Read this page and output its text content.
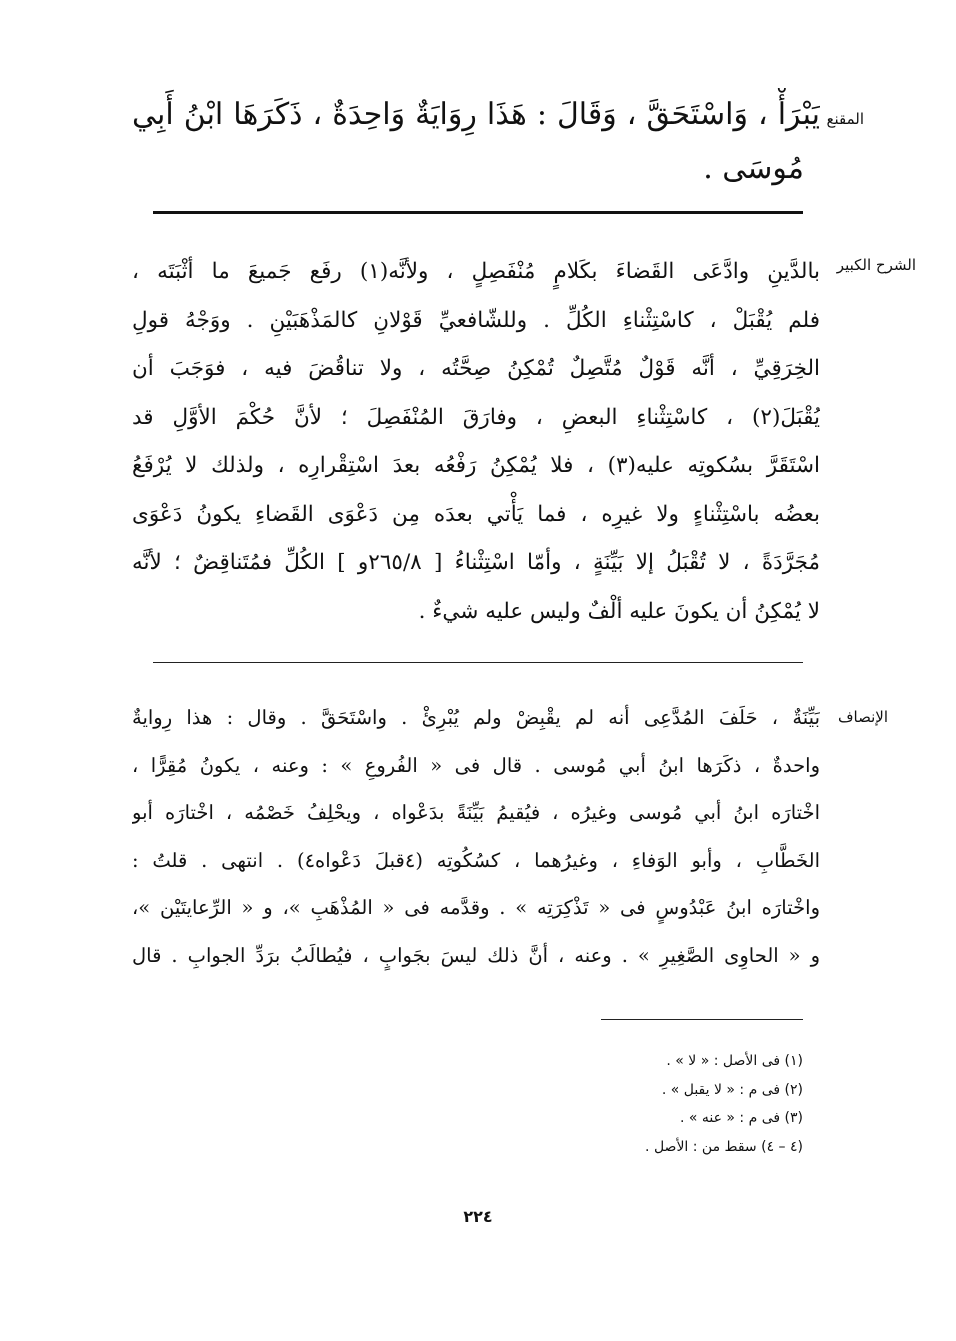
المقنع
يَبْرَأْ ، وَاسْتَحَقَّ ، وَقَالَ : هَذَا رِوَايَةٌ وَاحِدَةٌ ، ذَكَرَهَا ابْنُ أَبِي
مُوسَى .
الشرح الكبير
بالدَّينِ وادَّعَى القَضاءَ بكَلامٍ مُنْفَصِلٍ ، ولأنَّه(١) رفَع جَميعَ ما أثْبَتَه ،
فلم يُقْبَلْ ، كاسْتِثْناءِ الكُلِّ . وللشّافعيِّ قَوْلانِ كالمَذْهَبَيْنِ . ووَجْهُ قولِ
الخِرَقِيِّ ، أنَّه قَوْلٌ مُتَّصِلٌ تُمْكِنُ صِحَّتُه ، ولا تناقُضَ فيه ، فوَجَبَ أن
يُقْبَلَ(٢) ، كاسْتِثْناءِ البعضِ ، وفارَقَ المُنْفَصِلَ ؛ لأنَّ حُكْمَ الأوَّلِ قد
اسْتَقَرَّ بسُكوتِه عليه(٣) ، فلا يُمْكِنُ رَفْعُه بعدَ اسْتِقْرارِه ، ولذلك لا يُرْفَعُ
بعضُه باسْتِثْناءٍ ولا غيرِه ، فما يَأْتي بعدَه مِن دَعْوَى القَضاءِ يكونُ دَعْوَى
مُجَرَّدَةً ، لا تُقْبَلُ إلا بَيِّنَةٍ ، وأمّا اسْتِثْناءُ [ ٢٦٥/٨و ] الكُلِّ فمُتَناقِضٌ ؛ لأنَّه
لا يُمْكِنُ أن يكونَ عليه ألْفٌ وليس عليه شيءٌ .
الإنصاف
بَيِّنَةٌ ، حَلَفَ المُدَّعِى أنه لم يقْبِضْ ولم يُبْرِئْ . واسْتَحَقَّ . وقال : هذا رِوايةٌ
واحدةٌ ، ذكَرَها ابنُ أبي مُوسى . قال فى « الفُروعِ » : وعنه ، يكونُ مُقِرًّا ،
اخْتارَه ابنُ أبي مُوسى وغيرُه ، فيُقيمُ بَيِّنَةً بدَعْواه ، ويحْلِفُ خَصْمُه ، اخْتارَه أبو
الخَطَّابِ ، وأبو الوَفاءِ ، وغيرُهما ، كسُكُوتِه (٤قبلَ دَعْواه٤) . انتهى . قلتُ :
واخْتارَه ابنُ عَبْدُوسٍ فى « تَذْكِرَتِه » . وقدَّمه فى « المُذْهَبِ »، و « الرِّعايتَيْن »،
و « الحاوِى الصَّغِيرِ » . وعنه ، أنَّ ذلك ليسَ بجَوابٍ ، فيُطالَبُ برَدِّ الجوابِ . قال
(١) فى الأصل : « لا » .
(٢) فى م : « لا يقبل » .
(٣) فى م : « عنه » .
(٤ – ٤) سقط من : الأصل .
٢٢٤
